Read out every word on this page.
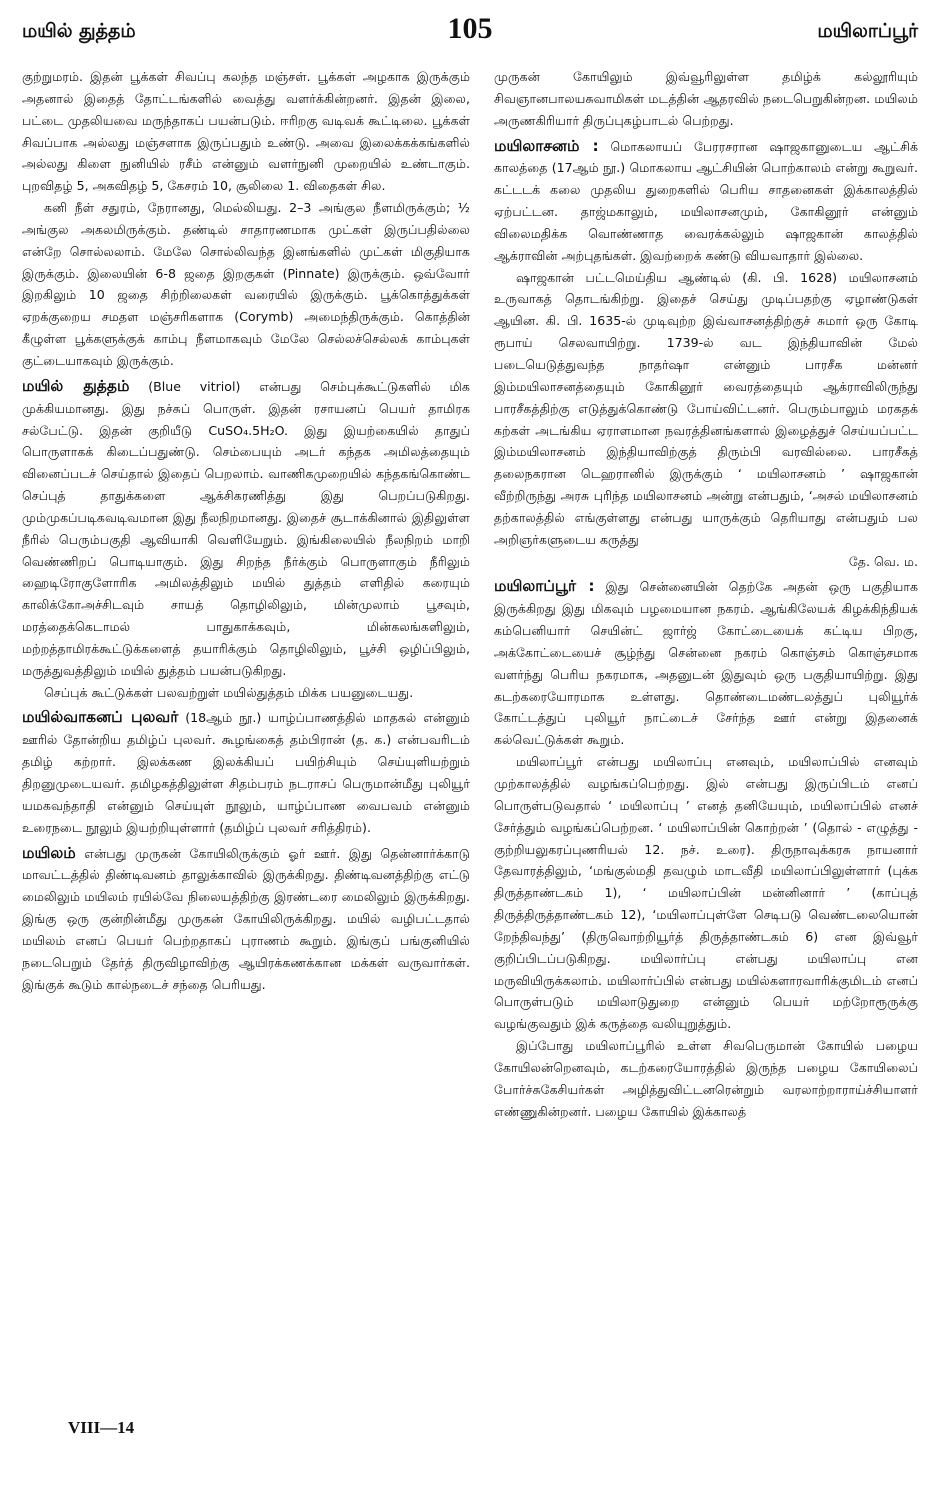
மயில் துத்தம்	105	மயிலாப்பூர்

குற்றுமரம். இதன் பூக்கள் சிவப்பு கலந்த மஞ்சள். பூக்கள் அழகாக இருக்கும் அதனால் இதைத் தோட்டங்களில் வைத்து வளர்க்கின்றனர். இதன் இலை, பட்டை முதலியவை மருந்தாகப் பயன்படும். ஈரிறகு வடிவக் கூட்டிலை. பூக்கள் சிவப்பாக அல்லது மஞ்சளாக இருப்பதும் உண்டு. அவை இலைக்கக்கங்களில் அல்லது கிளை நுனியில் ரசீம் என்னும் வளர்நுனி முறையில் உண்டாகும். புறவிதழ் 5, அகவிதழ் 5, கேசரம் 10, சூலிலை 1. விதைகள் சில.

கனி நீள் சதுரம், நேரானது, மெல்லியது. 2–3 அங்குல நீளமிருக்கும்; ½ அங்குல அகலமிருக்கும். தண்டில் சாதாரணமாக முட்கள் இருப்பதில்லை என்றே சொல்லலாம். மேலே சொல்லிவந்த இனங்களில் முட்கள் மிகுதியாக இருக்கும். இலையின் 6-8 ஜதை இறகுகள் (Pinnate) இருக்கும். ஒவ்வோர் இறகிலும் 10 ஜதை சிற்றிலைகள் வரையில் இருக்கும். பூக்கொத்துக்கள் ஏறக்குறைய சமதள மஞ்சரிகளாக (Corymb) அமைந்திருக்கும். கொத்தின் கீழுள்ள பூக்களுக்குக் காம்பு நீளமாகவும் மேலே செல்லச்செல்லக் காம்புகள் குட்டையாகவும் இருக்கும்.

மயில் துத்தம் (Blue vitriol) என்பது செம்புக்கூட்டுகளில் மிக முக்கியமானது. இது நச்சுப் பொருள். இதன் ரசாயனப் பெயர் தாமிரக சல்பேட்டு. இதன் குறியீடு CuSO₄.5H₂O. இது இயற்கையில் தாதுப் பொருளாகக் கிடைப்பதுண்டு. செம்பையும் அடர் கந்தக அமிலத்தையும் வினைப்படச் செய்தால் இதைப் பெறலாம். வாணிகமுறையில் கந்தகங்கொண்ட செப்புத் தாதுக்களை ஆக்சிகரணித்து இது பெறப்படுகிறது. மும்முகப்படிகவடிவமான இது நீலநிறமானது. இதைச் சூடாக்கினால் இதிலுள்ள நீரில் பெரும்பகுதி ஆவியாகி வெளியேறும். இங்கிலையில் நீலநிறம் மாறி வெண்ணிறப் பொடியாகும். இது சிறந்த நீர்க்கும் பொருளாகும் நீரிலும் ஹைடிரோகுளோரிக அமிலத்திலும் மயில் துத்தம் எளிதில் கரையும் காலிக்கோஅச்சிடவும் சாயத் தொழிலிலும், மின்முலாம் பூசவும், மரத்தைக்கெடாமல் பாதுகாக்கவும், மின்கலங்களிலும், மற்றத்தாமிரக்கூட்டுக்களைத் தயாரிக்கும் தொழிலிலும், பூச்சி ஒழிப்பிலும், மருத்துவத்திலும் மயில் துத்தம் பயன்படுகிறது.

செப்புக் கூட்டுக்கள் பலவற்றுள் மயில்துத்தம் மிக்க பயனுடையது.

மயில்வாகனப் புலவர் (18ஆம் நூ.) யாழ்ப்பாணத்தில் மாதகல் என்னும் ஊரில் தோன்றிய தமிழ்ப் புலவர். கூழங்கைத் தம்பிரான் (த. க.) என்பவரிடம் தமிழ் கற்றார். இலக்கண இலக்கியப் பயிற்சியும் செய்யுளியற்றும் திறனுமுடையவர். தமிழகத்திலுள்ள சிதம்பரம் நடராசப் பெருமான்மீது புலியூர் யமகவந்தாதி என்னும் செய்யுள் நூலும், யாழ்ப்பாண வைபவம் என்னும் உரைநடை நூலும் இயற்றியுள்ளார் (தமிழ்ப் புலவர் சரித்திரம்).

மயிலம் என்பது முருகன் கோயிலிருக்கும் ஓர் ஊர். இது தென்னார்க்காடு மாவட்டத்தில் திண்டிவனம் தாலுக்காவில் இருக்கிறது. திண்டிவனத்திற்கு எட்டு மைலிலும் மயிலம் ரயில்வே நிலையத்திற்கு இரண்டரை மைலிலும் இருக்கிறது. இங்கு ஒரு குன்றின்மீது முருகன் கோயிலிருக்கிறது. மயில் வழிபட்டதால் மயிலம் எனப் பெயர் பெற்றதாகப் புராணம் கூறும். இங்குப் பங்குனியில் நடைபெறும் தேர்த் திருவிழாவிற்கு ஆயிரக்கணக்கான மக்கள் வருவார்கள். இங்குக் கூடும் கால்நடைச் சந்தை பெரியது.

முருகன் கோயிலும் இவ்வூரிலுள்ள தமிழ்க் கல்லூரியும் சிவஞானபாலயசுவாமிகள் மடத்தின் ஆதரவில் நடைபெறுகின்றன. மயிலம் அருணகிரியார் திருப்புகழ்பாடல் பெற்றது.

மயிலாசனம் : மொகலாயப் பேரரசரான ஷாஜகானுடைய ஆட்சிக் காலத்தை (17ஆம் நூ.) மொகலாய ஆட்சியின் பொற்காலம் என்று கூறுவர். கட்டடக் கலை முதலிய துறைகளில் பெரிய சாதனைகள் இக்காலத்தில் ஏற்பட்டன. தாஜ்மகாலும், மயிலாசனமும், கோகினூர் என்னும் விலைமதிக்க வொண்ணாத வைரக்கல்லும் ஷாஜகான் காலத்தில் ஆக்ராவின் அற்புதங்கள். இவற்றைக் கண்டு வியவாதார் இல்லை.

ஷாஜகான் பட்டமெய்திய ஆண்டில் (கி. பி. 1628) மயிலாசனம் உருவாகத் தொடங்கிற்று. இதைச் செய்து முடிப்பதற்கு ஏழாண்டுகள் ஆயின. கி. பி. 1635-ல் முடிவுற்ற இவ்வாசனத்திற்குச் சுமார் ஒரு கோடி ரூபாய் செலவாயிற்று. 1739-ல் வட இந்தியாவின் மேல் படையெடுத்துவந்த நாதர்ஷா என்னும் பாரசீக மன்னர் இம்மயிலாசனத்தையும் கோகினூர் வைரத்தையும் ஆக்ராவிலிருந்து பாரசீகத்திற்கு எடுத்துக்கொண்டு போய்விட்டனர். பெரும்பாலும் மரகதக் கற்கள் அடங்கிய ஏராளமான நவரத்தினங்களால் இழைத்துச் செய்யப்பட்ட இம்மயிலாசனம் இந்தியாவிற்குத் திரும்பி வரவில்லை. பாரசீகத் தலைநகரான டெஹரானில் இருக்கும் ‘ மயிலாசனம் ’ ஷாஜகான் வீற்றிருந்து அரசு புரிந்த மயிலாசனம் அன்று என்பதும், ‘அசல் மயிலாசனம் தற்காலத்தில் எங்குள்ளது என்பது யாருக்கும் தெரியாது என்பதும் பல அறிஞர்களுடைய கருத்து

தே. வெ. ம.

மயிலாப்பூர் : இது சென்னையின் தெற்கே அதன் ஒரு பகுதியாக இருக்கிறது இது மிகவும் பழமையான நகரம். ஆங்கிலேயக் கிழக்கிந்தியக் கம்பெனியார் செயின்ட் ஜார்ஜ் கோட்டையைக் கட்டிய பிறகு, அக்கோட்டையைச் சூழ்ந்து சென்னை நகரம் கொஞ்சம் கொஞ்சமாக வளர்ந்து பெரிய நகரமாக, அதனுடன் இதுவும் ஒரு பகுதியாயிற்று. இது கடற்கரையோரமாக உள்ளது. தொண்டைமண்டலத்துப் புலியூர்க் கோட்டத்துப் புலியூர் நாட்டைச் சேர்ந்த ஊர் என்று இதனைக் கல்வெட்டுக்கள் கூறும்.

மயிலாப்பூர் என்பது மயிலாப்பு எனவும், மயிலாப்பில் எனவும் முற்காலத்தில் வழங்கப்பெற்றது. இல் என்பது இருப்பிடம் எனப் பொருள்படுவதால் ‘ மயிலாப்பு ’ எனத் தனியேயும், மயிலாப்பில் எனச் சேர்த்தும் வழங்கப்பெற்றன. ‘ மயிலாப்பின் கொற்றன் ’ (தொல் - எழுத்து - குற்றியலுகரப்புணரியல் 12. நச். உரை). திருநாவுக்கரசு நாயனார் தேவாரத்திலும், ‘மங்குல்மதி தவழும் மாடவீதி மயிலாப்பிலுள்ளார் (புக்க திருத்தாண்டகம் 1), ‘ மயிலாப்பின் மன்னினார் ’ (காப்புத் திருத்திருத்தாண்டகம் 12), ‘மயிலாப்புள்ளே செடிபடு வெண்டலையொன் றேந்திவந்து’ (திருவொற்றியூர்த் திருத்தாண்டகம் 6) என இவ்வூர் குறிப்பிடப்படுகிறது. மயிலார்ப்பு என்பது மயிலாப்பு என மருவியிருக்கலாம். மயிலார்ப்பில் என்பது மயில்களாரவாரிக்குமிடம் எனப் பொருள்படும் மயிலாடுதுறை என்னும் பெயர் மற்றோரூருக்கு வழங்குவதும் இக் கருத்தை வலியுறுத்தும்.

இப்போது மயிலாப்பூரில் உள்ள சிவபெருமான் கோயில் பழைய கோயிலன்றெனவும், கடற்கரையோரத்தில் இருந்த பழைய கோயிலைப் போர்ச்சுகேசியர்கள் அழித்துவிட்டனரென்றும் வரலாற்றாராய்ச்சியாளர் எண்ணுகின்றனர். பழைய கோயில் இக்காலத்

VIII—14
